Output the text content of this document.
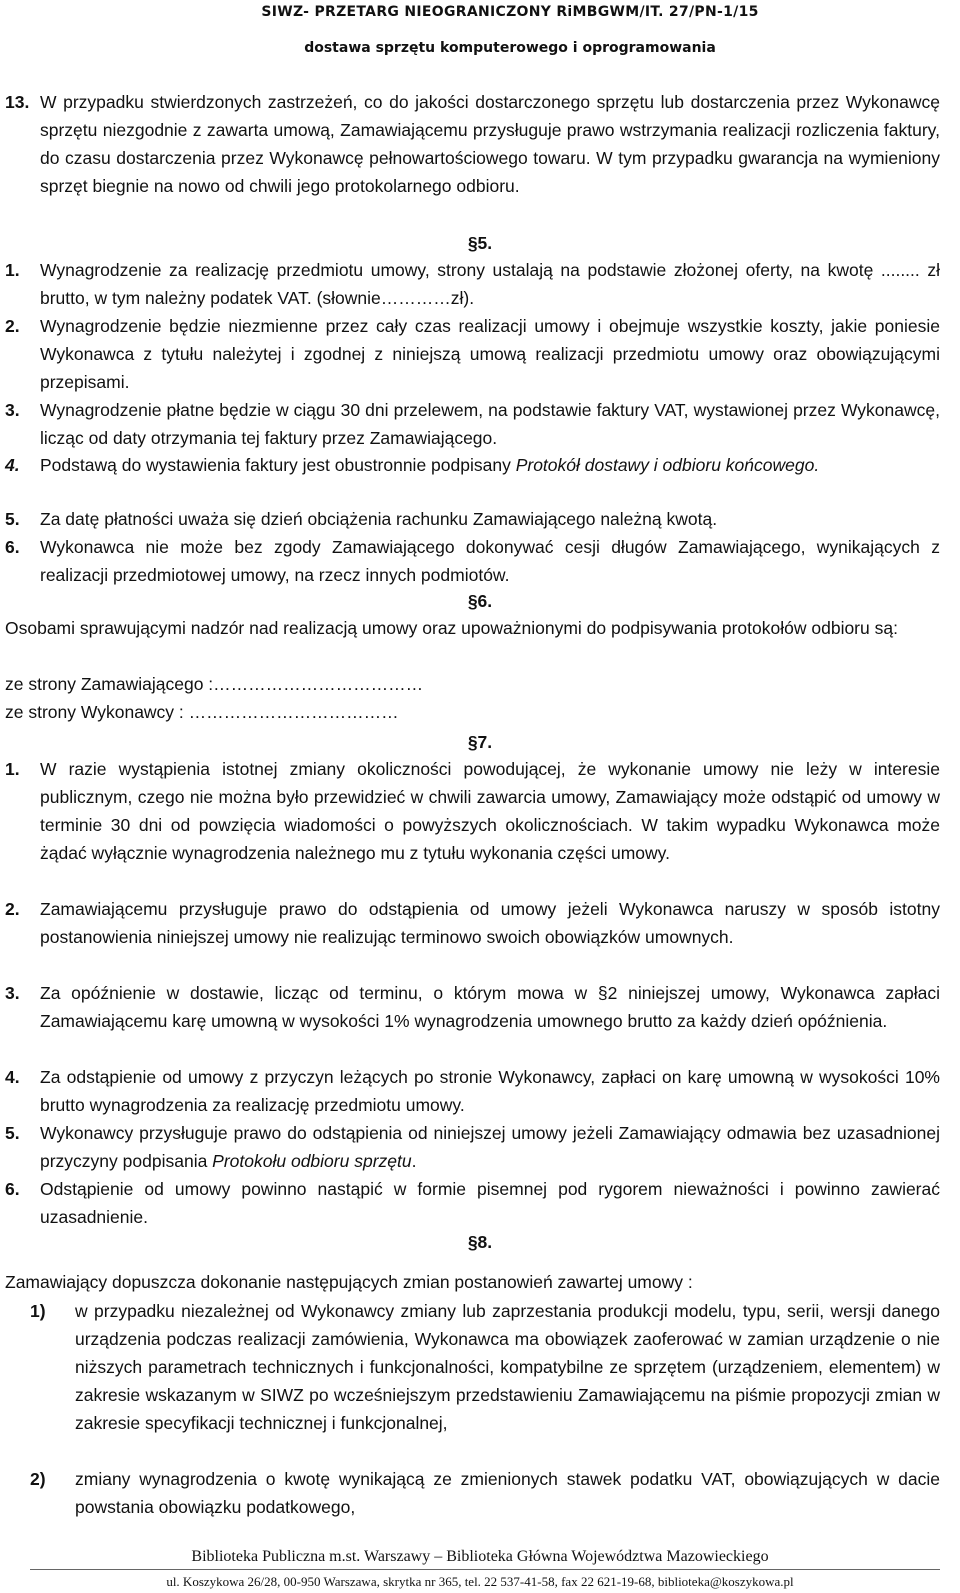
SIWZ- PRZETARG NIEOGRANICZONY RiMBGWM/IT. 27/PN-1/15
dostawa sprzętu komputerowego i oprogramowania
13. W przypadku stwierdzonych zastrzeżeń, co do jakości dostarczonego sprzętu lub dostarczenia przez Wykonawcę sprzętu niezgodnie z zawarta umową, Zamawiającemu przysługuje prawo wstrzymania realizacji rozliczenia faktury, do czasu dostarczenia przez Wykonawcę pełnowartościowego towaru. W tym przypadku gwarancja na wymieniony sprzęt biegnie na nowo od chwili jego protokolarnego odbioru.
§5.
1. Wynagrodzenie za realizację przedmiotu umowy, strony ustalają na podstawie złożonej oferty, na kwotę ........ zł brutto, w tym należny podatek VAT. (słownie…………zł).
2. Wynagrodzenie będzie niezmienne przez cały czas realizacji umowy i obejmuje wszystkie koszty, jakie poniesie Wykonawca z tytułu należytej i zgodnej z niniejszą umową realizacji przedmiotu umowy oraz obowiązującymi przepisami.
3. Wynagrodzenie płatne będzie w ciągu 30 dni przelewem, na podstawie faktury VAT, wystawionej przez Wykonawcę, licząc od daty otrzymania tej faktury przez Zamawiającego.
4. Podstawą do wystawienia faktury jest obustronnie podpisany Protokół dostawy i odbioru końcowego.
5. Za datę płatności uważa się dzień obciążenia rachunku Zamawiającego należną kwotą.
6. Wykonawca nie może bez zgody Zamawiającego dokonywać cesji długów Zamawiającego, wynikających z realizacji przedmiotowej umowy, na rzecz innych podmiotów.
§6.
Osobami sprawującymi nadzór nad realizacją umowy oraz upoważnionymi do podpisywania protokołów odbioru są:
ze strony Zamawiającego :………………………………
ze strony Wykonawcy : ………………………………
§7.
1. W razie wystąpienia istotnej zmiany okoliczności powodującej, że wykonanie umowy nie leży w interesie publicznym, czego nie można było przewidzieć w chwili zawarcia umowy, Zamawiający może odstąpić od umowy w terminie 30 dni od powzięcia wiadomości o powyższych okolicznościach. W takim wypadku Wykonawca może żądać wyłącznie wynagrodzenia należnego mu z tytułu wykonania części umowy.
2. Zamawiającemu przysługuje prawo do odstąpienia od umowy jeżeli Wykonawca naruszy w sposób istotny postanowienia niniejszej umowy nie realizując terminowo swoich obowiązków umownych.
3. Za opóźnienie w dostawie, licząc od terminu, o którym mowa w §2 niniejszej umowy, Wykonawca zapłaci Zamawiającemu karę umowną w wysokości 1% wynagrodzenia umownego brutto za każdy dzień opóźnienia.
4. Za odstąpienie od umowy z przyczyn leżących po stronie Wykonawcy, zapłaci on karę umowną w wysokości 10% brutto wynagrodzenia za realizację przedmiotu umowy.
5. Wykonawcy przysługuje prawo do odstąpienia od niniejszej umowy jeżeli Zamawiający odmawia bez uzasadnionej przyczyny podpisania Protokołu odbioru sprzętu.
6. Odstąpienie od umowy powinno nastąpić w formie pisemnej pod rygorem nieważności i powinno zawierać uzasadnienie.
§8.
Zamawiający dopuszcza dokonanie następujących zmian postanowień zawartej umowy :
1) w przypadku niezależnej od Wykonawcy zmiany lub zaprzestania produkcji modelu, typu, serii, wersji danego urządzenia podczas realizacji zamówienia, Wykonawca ma obowiązek zaoferować w zamian urządzenie o nie niższych parametrach technicznych i funkcjonalności, kompatybilne ze sprzętem (urządzeniem, elementem) w zakresie wskazanym w SIWZ po wcześniejszym przedstawieniu Zamawiającemu na piśmie propozycji zmian w zakresie specyfikacji technicznej i funkcjonalnej,
2) zmiany wynagrodzenia o kwotę wynikającą ze zmienionych stawek podatku VAT, obowiązujących w dacie powstania obowiązku podatkowego,
Biblioteka Publiczna m.st. Warszawy – Biblioteka Główna Województwa Mazowieckiego
ul. Koszykowa 26/28, 00-950 Warszawa, skrytka nr 365, tel. 22 537-41-58, fax 22 621-19-68, biblioteka@koszykowa.pl
